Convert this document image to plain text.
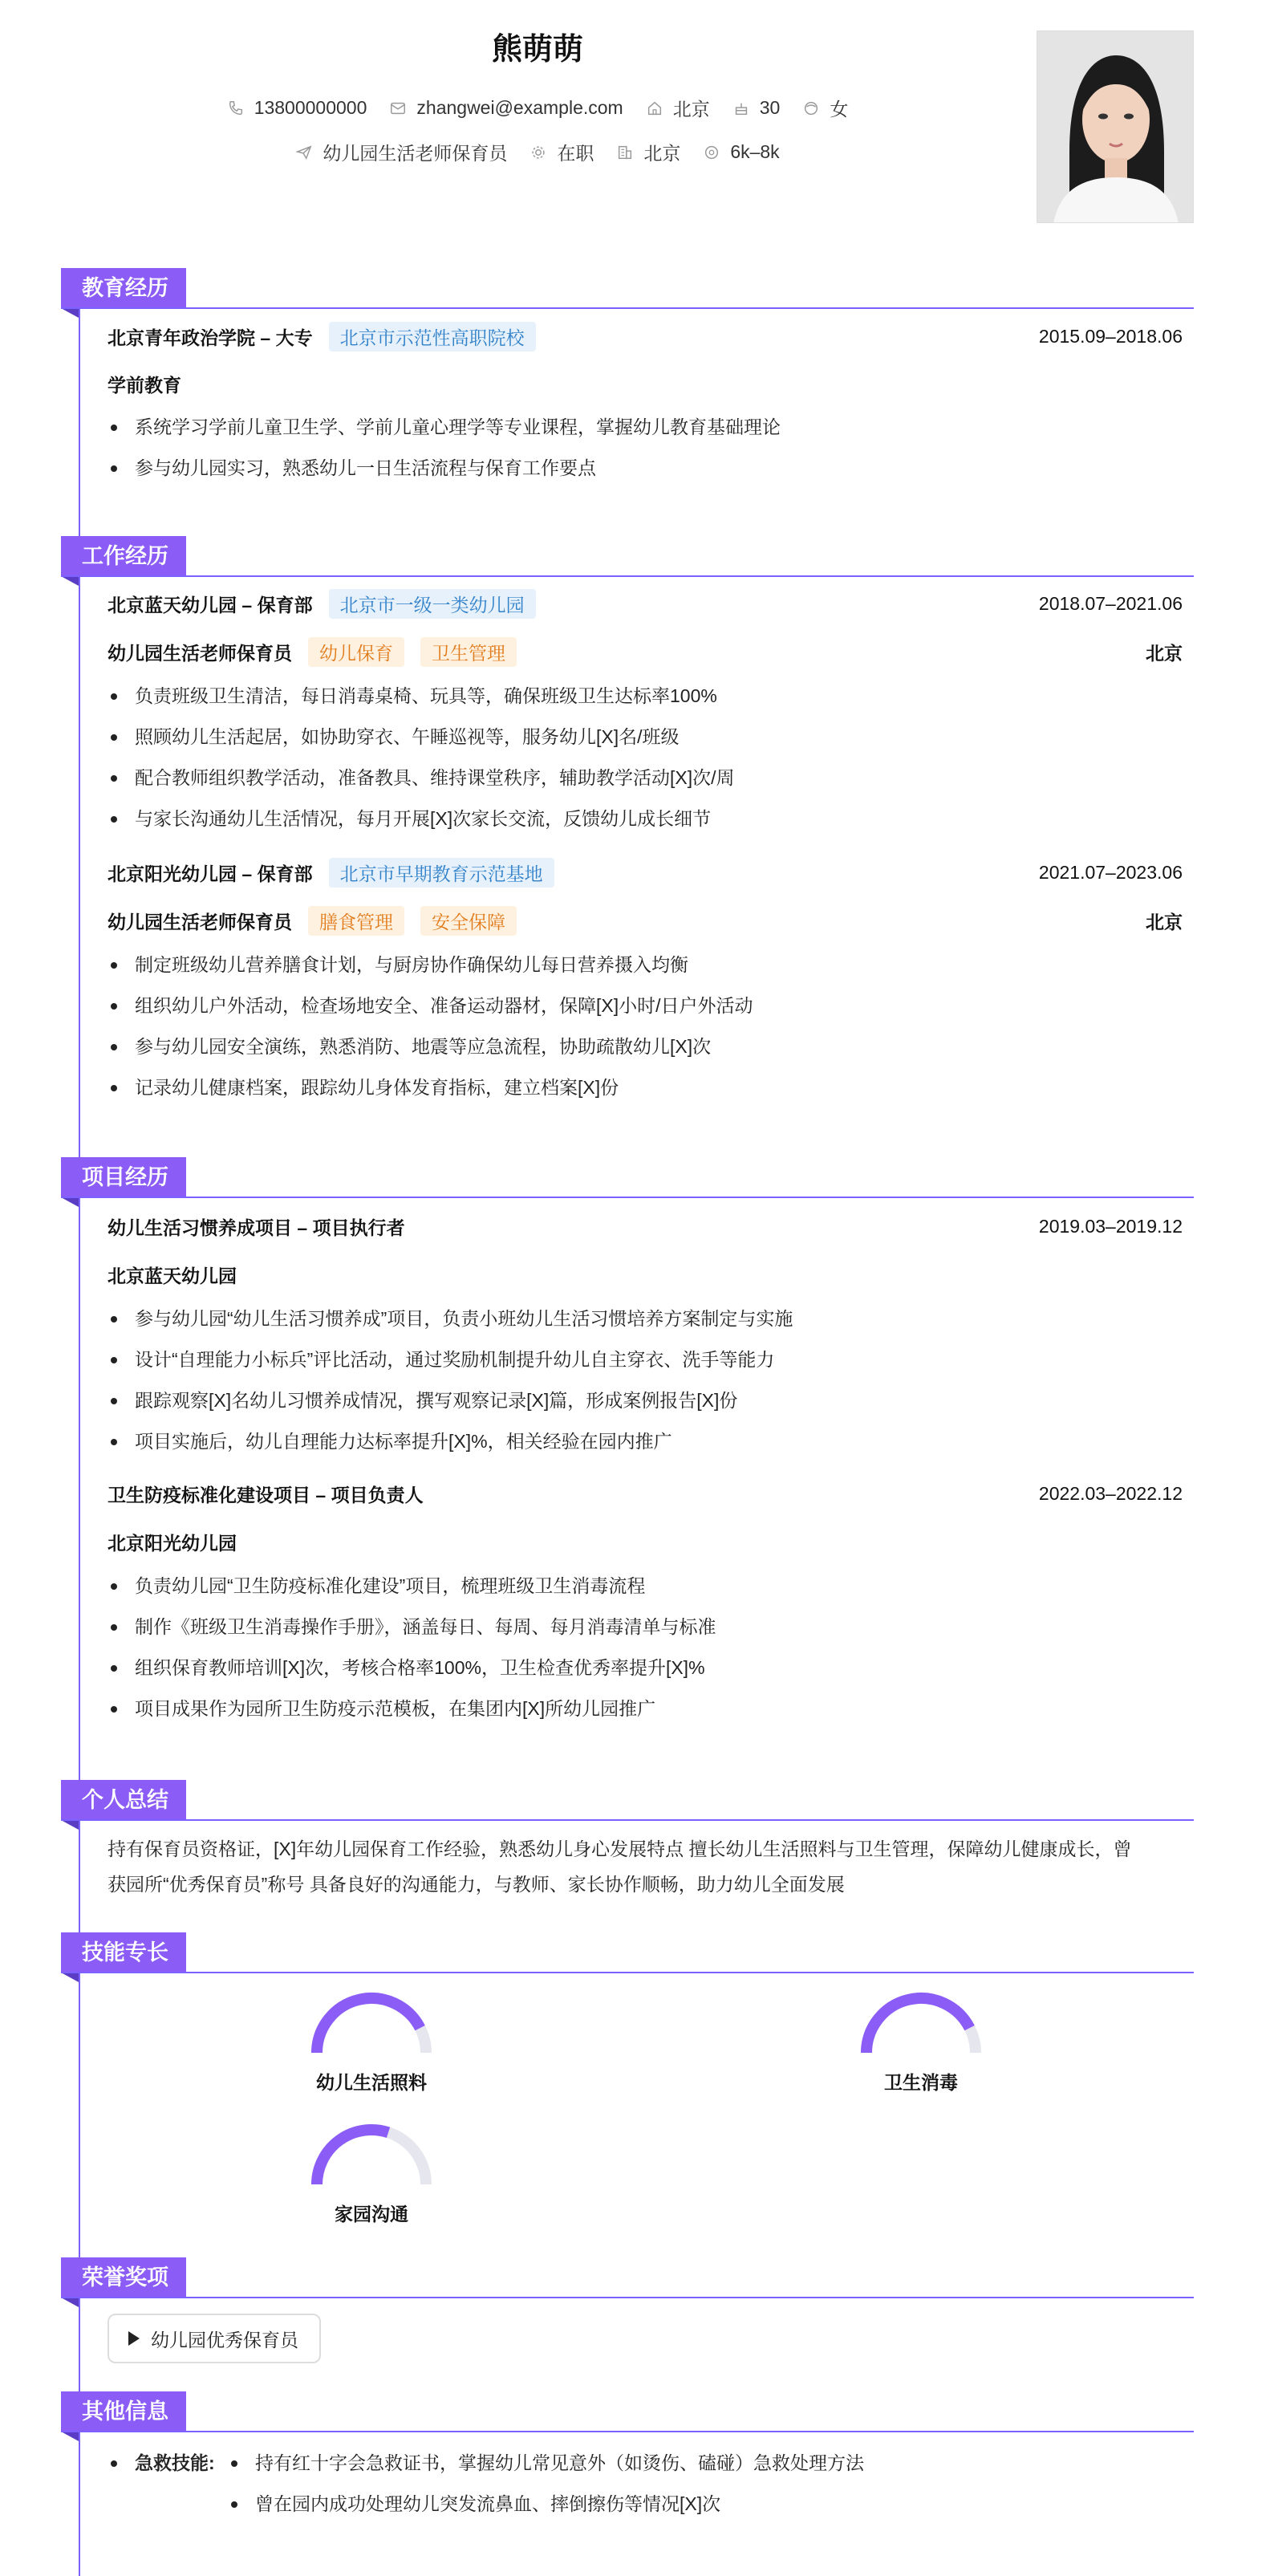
熊萌萌
13800000000	zhangwei@example.com	北京	30	女
幼儿园生活老师保育员	在职	北京	6k–8k
教育经历
北京青年政治学院 – 大专	北京市示范性高职院校	2015.09–2018.06
学前教育
系统学习学前儿童卫生学、学前儿童心理学等专业课程，掌握幼儿教育基础理论
参与幼儿园实习，熟悉幼儿一日生活流程与保育工作要点
工作经历
北京蓝天幼儿园 – 保育部	北京市一级一类幼儿园	2018.07–2021.06
幼儿园生活老师保育员	幼儿保育	卫生管理	北京
负责班级卫生清洁，每日消毒桌椅、玩具等，确保班级卫生达标率100%
照顾幼儿生活起居，如协助穿衣、午睡巡视等，服务幼儿[X]名/班级
配合教师组织教学活动，准备教具、维持课堂秩序，辅助教学活动[X]次/周
与家长沟通幼儿生活情况，每月开展[X]次家长交流，反馈幼儿成长细节
北京阳光幼儿园 – 保育部	北京市早期教育示范基地	2021.07–2023.06
幼儿园生活老师保育员	膳食管理	安全保障	北京
制定班级幼儿营养膳食计划，与厨房协作确保幼儿每日营养摄入均衡
组织幼儿户外活动，检查场地安全、准备运动器材，保障[X]小时/日户外活动
参与幼儿园安全演练，熟悉消防、地震等应急流程，协助疏散幼儿[X]次
记录幼儿健康档案，跟踪幼儿身体发育指标，建立档案[X]份
项目经历
幼儿生活习惯养成项目 – 项目执行者	2019.03–2019.12
北京蓝天幼儿园
参与幼儿园“幼儿生活习惯养成”项目，负责小班幼儿生活习惯培养方案制定与实施
设计“自理能力小标兵”评比活动，通过奖励机制提升幼儿自主穿衣、洗手等能力
跟踪观察[X]名幼儿习惯养成情况，撰写观察记录[X]篇，形成案例报告[X]份
项目实施后，幼儿自理能力达标率提升[X]%，相关经验在园内推广
卫生防疫标准化建设项目 – 项目负责人	2022.03–2022.12
北京阳光幼儿园
负责幼儿园“卫生防疫标准化建设”项目，梳理班级卫生消毒流程
制作《班级卫生消毒操作手册》，涵盖每日、每周、每月消毒清单与标准
组织保育教师培训[X]次，考核合格率100%，卫生检查优秀率提升[X]%
项目成果作为园所卫生防疫示范模板，在集团内[X]所幼儿园推广
个人总结
持有保育员资格证，[X]年幼儿园保育工作经验，熟悉幼儿身心发展特点 擅长幼儿生活照料与卫生管理，保障幼儿健康成长，曾
获园所“优秀保育员”称号 具备良好的沟通能力，与教师、家长协作顺畅，助力幼儿全面发展
技能专长
幼儿生活照料	卫生消毒
家园沟通
荣誉奖项
幼儿园优秀保育员
其他信息
急救技能:	持有红十字会急救证书，掌握幼儿常见意外（如烫伤、磕碰）急救处理方法
曾在园内成功处理幼儿突发流鼻血、摔倒擦伤等情况[X]次
